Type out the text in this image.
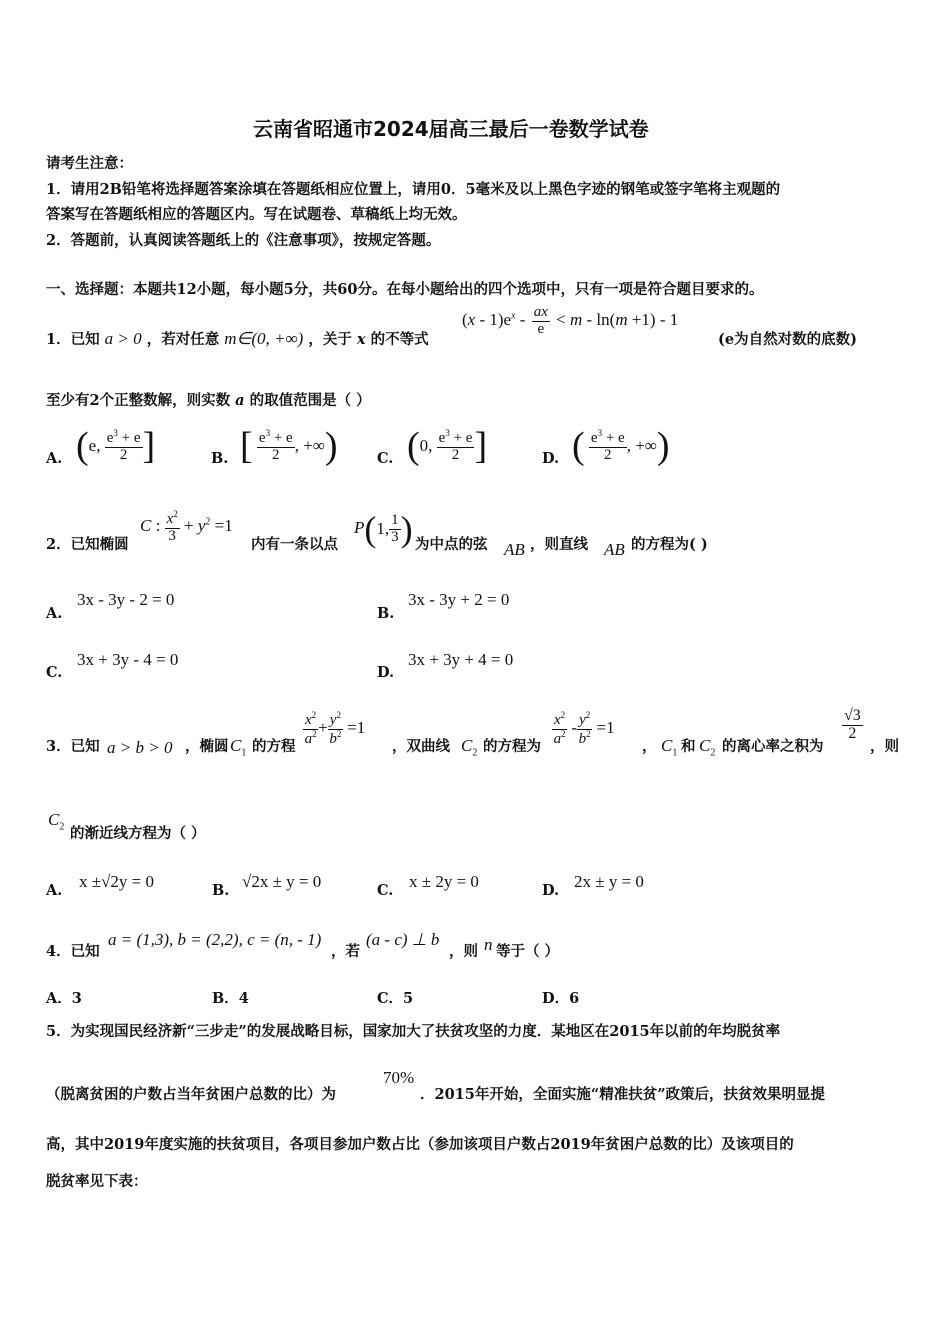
云南省昭通市2024届高三最后一卷数学试卷
请考生注意：
1．请用2B铅笔将选择题答案涂填在答题纸相应位置上，请用0．5毫米及以上黑色字迹的钢笔或签字笔将主观题的
答案写在答题纸相应的答题区内。写在试题卷、草稿纸上均无效。
2．答题前，认真阅读答题纸上的《注意事项》，按规定答题。
一、选择题：本题共12小题，每小题5分，共60分。在每小题给出的四个选项中，只有一项是符合题目要求的。
1．已知 a > 0 ，若对任意 m∈(0, +∞) ，关于 x 的不等式
$(x - 1)e^x - \frac{ax}{e} < m - \ln(m +1) - 1$
(e为自然对数的底数)
至少有2个正整数解，则实数 a 的取值范围是（ ）
A. (e, $\frac{e^3 + e}{2}$ ]	B. [ $\frac{e^3 + e}{2}$ , +∞)	C. (0, $\frac{e^3 + e}{2}$ ]	D. ( $\frac{e^3 + e}{2}$ , +∞)
2．已知椭圆
C : $\frac{x^2}{3} + y^2 =1$
内有一条以点
P(1, $\frac{1}{3}$ ) 为中点的弦 AB ，则直线 AB 的方程为( )
A.
3x - 3y - 2 = 0
B.
3x - 3y + 2 = 0
C.
3x + 3y - 4 = 0
D.
3x + 3y + 4 = 0
3．已知 a > b > 0 ，椭圆 $C_1$ 的方程 $\frac{x^2}{a^2} + \frac{y^2}{b^2} =1$
，双曲线 $C_2$ 的方程为 $\frac{x^2}{a^2} - \frac{y^2}{b^2} =1$
， $C_1$ 和 $C_2$ 的离心率之积为
$\frac{√3}{2}$
，则
$C_2$ 的渐近线方程为（ ）
A. x ±√2y = 0	B. √2x ± y = 0	C. x ± 2y = 0	D. 2x ± y = 0
4．已知
a = (1,3), b = (2,2), c = (n, - 1)
，若
(a - c) ⊥ b
，则 n 等于（ ）
A．3	B．4	C．5	D．6
5．为实现国民经济新“三步走”的发展战略目标，国家加大了扶贫攻坚的力度．某地区在2015年以前的年均脱贫率
（脱离贫困的户数占当年贫困户总数的比）为
70%
．2015年开始，全面实施“精准扶贫”政策后，扶贫效果明显提
高，其中2019年度实施的扶贫项目，各项目参加户数占比（参加该项目户数占2019年贫困户总数的比）及该项目的
脱贫率见下表：
